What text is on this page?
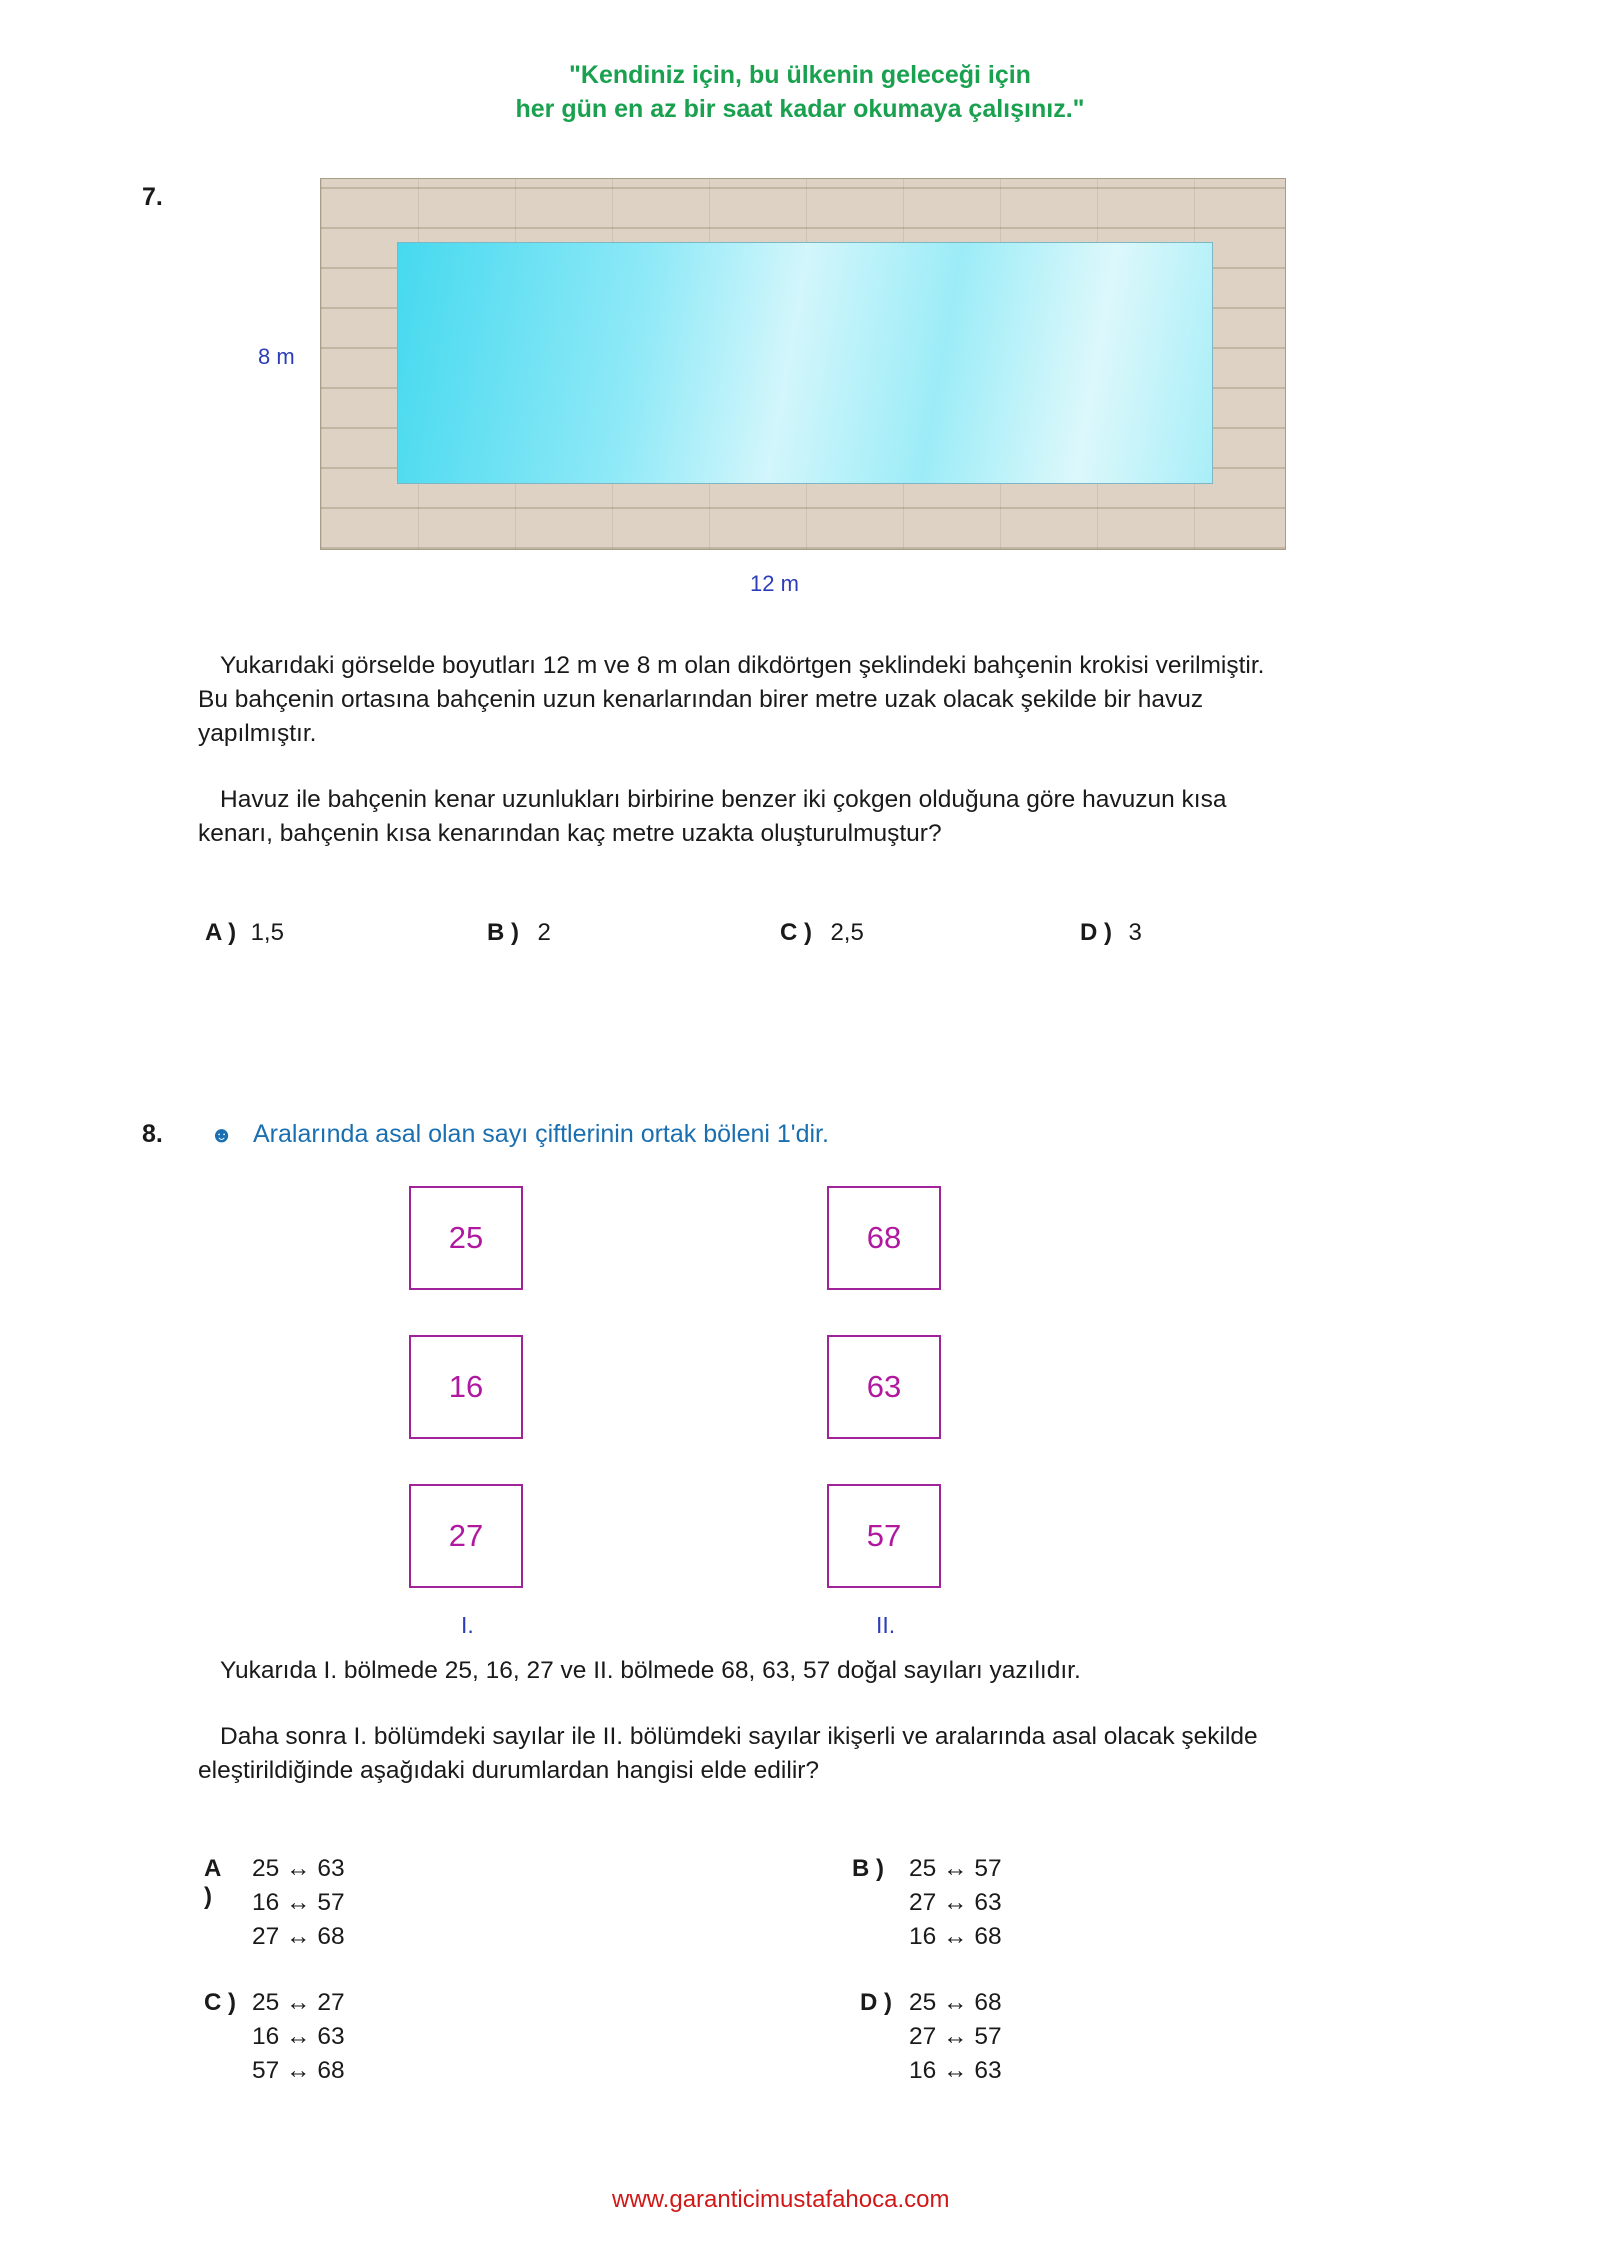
"Kendiniz için, bu ülkenin geleceği için
her gün en az bir saat kadar okumaya çalışınız."
7.
8 m
12 m
Yukarıdaki görselde boyutları 12 m ve 8 m olan dikdörtgen şeklindeki bahçenin krokisi verilmiştir.
Bu bahçenin ortasına bahçenin uzun kenarlarından birer metre uzak olacak şekilde bir havuz
yapılmıştır.
Havuz ile bahçenin kenar uzunlukları birbirine benzer iki çokgen olduğuna göre havuzun kısa
kenarı, bahçenin kısa kenarından kaç metre uzakta oluşturulmuştur?
A ) 1,5	B ) 2	C ) 2,5	D ) 3
8. ☻ Aralarında asal olan sayı çiftlerinin ortak böleni 1'dir.
25
16
27
I.
68
63
57
II.
Yukarıda I. bölmede 25, 16, 27 ve II. bölmede 68, 63, 57 doğal sayıları yazılıdır.
Daha sonra I. bölümdeki sayılar ile II. bölümdeki sayılar ikişerli ve aralarında asal olacak şekilde
eleştirildiğinde aşağıdaki durumlardan hangisi elde edilir?
A )
25 ↔ 63
16 ↔ 57
27 ↔ 68
B ) 25 ↔ 57
27 ↔ 63
16 ↔ 68
C ) 25 ↔ 27
16 ↔ 63
57 ↔ 68
D ) 25 ↔ 68
27 ↔ 57
16 ↔ 63
www.garanticimustafahoca.com
